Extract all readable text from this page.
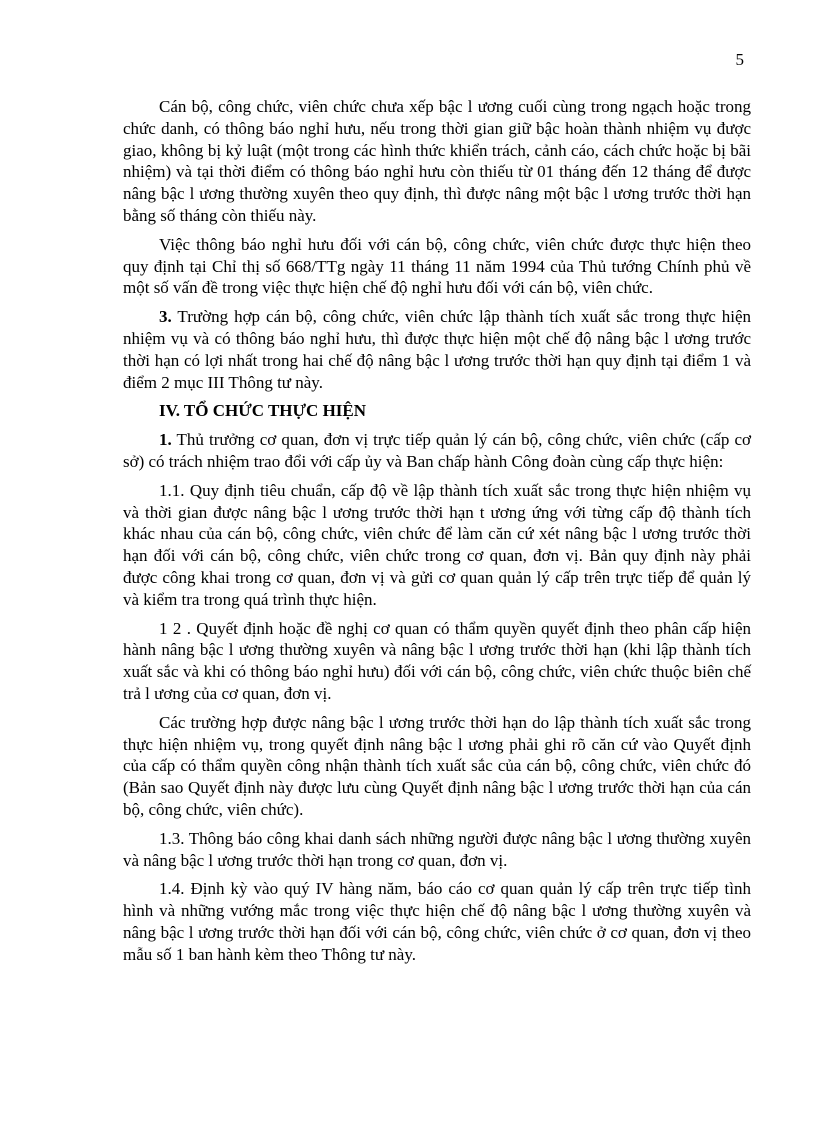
5

Cán bộ, công chức, viên chức chưa xếp bậc l ương cuối cùng trong ngạch hoặc trong chức danh, có thông báo nghỉ hưu, nếu trong thời gian giữ bậc hoàn thành nhiệm vụ được giao, không bị kỷ luật (một trong các hình thức khiển trách, cảnh cáo, cách chức hoặc bị bãi nhiệm) và tại thời điểm có thông báo nghỉ hưu còn thiếu từ 01 tháng đến 12 tháng để được nâng bậc l ương thường xuyên theo quy định, thì được nâng một bậc l ương trước thời hạn bằng số tháng còn thiếu này.

Việc thông báo nghỉ hưu đối với cán bộ, công chức, viên chức được thực hiện theo quy định tại Chỉ thị số 668/TTg ngày 11 tháng 11 năm 1994 của Thủ tướng Chính phủ về một số vấn đề trong việc thực hiện chế độ nghỉ hưu đối với cán bộ, viên chức.

3. Trường hợp cán bộ, công chức, viên chức lập thành tích xuất sắc trong thực hiện nhiệm vụ và có thông báo nghỉ hưu, thì được thực hiện một chế độ nâng bậc l ương trước thời hạn có lợi nhất trong hai chế độ nâng bậc l ương trước thời hạn quy định tại điểm 1 và điểm 2 mục III Thông tư này.

IV. TỔ CHỨC THỰC HIỆN

1. Thủ trưởng cơ quan, đơn vị trực tiếp quản lý cán bộ, công chức, viên chức (cấp cơ sở) có trách nhiệm trao đổi với cấp ủy và Ban chấp hành Công đoàn cùng cấp thực hiện:

1.1. Quy định tiêu chuẩn, cấp độ về lập thành tích xuất sắc trong thực hiện nhiệm vụ và thời gian được nâng bậc l ương trước thời hạn t ương ứng với từng cấp độ thành tích khác nhau của cán bộ, công chức, viên chức để làm căn cứ xét nâng bậc l ương trước thời hạn đối với cán bộ, công chức, viên chức trong cơ quan, đơn vị. Bản quy định này phải được công khai trong cơ quan, đơn vị và gửi cơ quan quản lý cấp trên trực tiếp để quản lý và kiểm tra trong quá trình thực hiện.

1 2 . Quyết định hoặc đề nghị cơ quan có thẩm quyền quyết định theo phân cấp hiện hành nâng bậc l ương thường xuyên và nâng bậc l ương trước thời hạn (khi lập thành tích xuất sắc và khi có thông báo nghỉ hưu) đối với cán bộ, công chức, viên chức thuộc biên chế trả l ương của cơ quan, đơn vị.

Các trường hợp được nâng bậc l ương trước thời hạn do lập thành tích xuất sắc trong thực hiện nhiệm vụ, trong quyết định nâng bậc l ương phải ghi rõ căn cứ vào Quyết định của cấp có thẩm quyền công nhận thành tích xuất sắc của cán bộ, công chức, viên chức đó (Bản sao Quyết định này được lưu cùng Quyết định nâng bậc l ương trước thời hạn của cán bộ, công chức, viên chức).

1.3. Thông báo công khai danh sách những người được nâng bậc l ương thường xuyên và nâng bậc l ương trước thời hạn trong cơ quan, đơn vị.

1.4. Định kỳ vào quý IV hàng năm, báo cáo cơ quan quản lý cấp trên trực tiếp tình hình và những vướng mắc trong việc thực hiện chế độ nâng bậc l ương thường xuyên và nâng bậc l ương trước thời hạn đối với cán bộ, công chức, viên chức ở cơ quan, đơn vị theo mẫu số 1 ban hành kèm theo Thông tư này.
